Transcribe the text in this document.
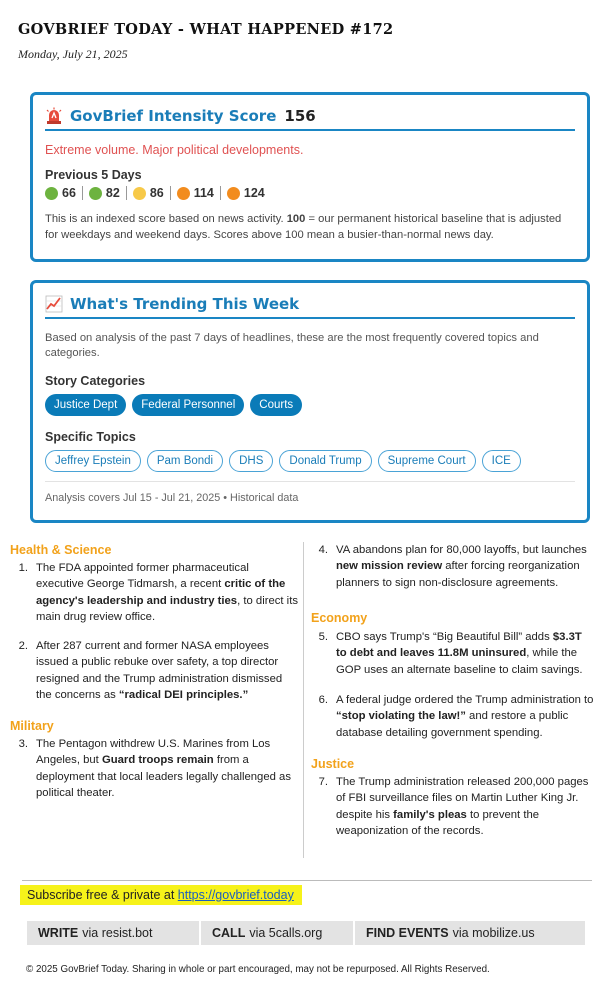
GOVBRIEF TODAY - WHAT HAPPENED #172
Monday, July 21, 2025
GovBrief Intensity Score 156
Extreme volume. Major political developments.
Previous 5 Days
66 82 86 114 124
This is an indexed score based on news activity. 100 = our permanent historical baseline that is adjusted for weekdays and weekend days. Scores above 100 mean a busier-than-normal news day.
What's Trending This Week
Based on analysis of the past 7 days of headlines, these are the most frequently covered topics and categories.
Story Categories
Justice Dept	Federal Personnel	Courts
Specific Topics
Jeffrey Epstein	Pam Bondi	DHS	Donald Trump	Supreme Court	ICE
Analysis covers Jul 15 - Jul 21, 2025 • Historical data
Health & Science
1. The FDA appointed former pharmaceutical executive George Tidmarsh, a recent critic of the agency's leadership and industry ties, to direct its main drug review office.
2. After 287 current and former NASA employees issued a public rebuke over safety, a top director resigned and the Trump administration dismissed the concerns as “radical DEI principles.”
Military
3. The Pentagon withdrew U.S. Marines from Los Angeles, but Guard troops remain from a deployment that local leaders legally challenged as political theater.
4. VA abandons plan for 80,000 layoffs, but launches new mission review after forcing reorganization planners to sign non-disclosure agreements.
Economy
5. CBO says Trump's “Big Beautiful Bill” adds $3.3T to debt and leaves 11.8M uninsured, while the GOP uses an alternate baseline to claim savings.
6. A federal judge ordered the Trump administration to “stop violating the law!” and restore a public database detailing government spending.
Justice
7. The Trump administration released 200,000 pages of FBI surveillance files on Martin Luther King Jr. despite his family's pleas to prevent the weaponization of the records.
Subscribe free & private at https://govbrief.today
WRITE via resist.bot	CALL via 5calls.org	FIND EVENTS via mobilize.us
© 2025 GovBrief Today. Sharing in whole or part encouraged, may not be repurposed. All Rights Reserved.
